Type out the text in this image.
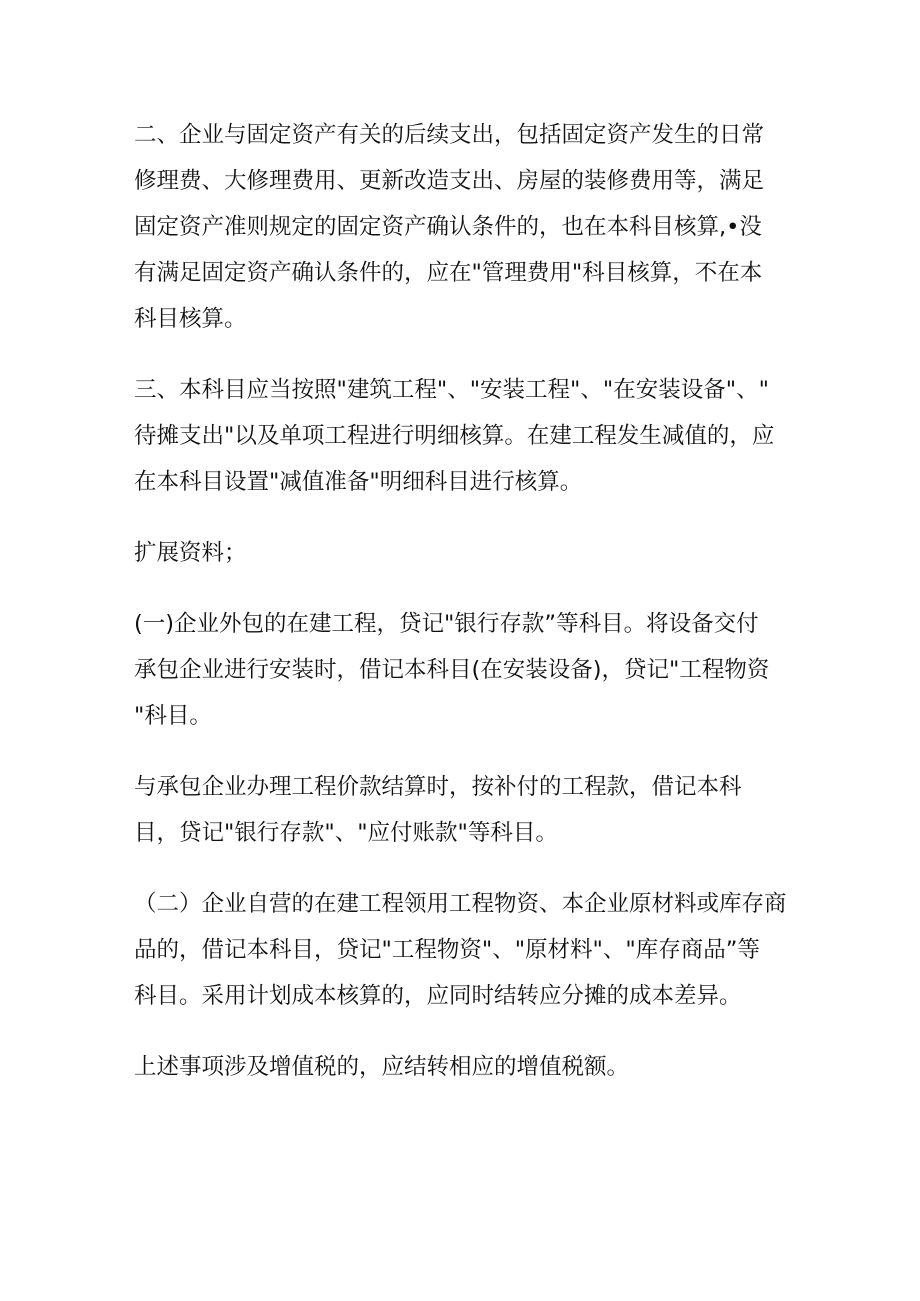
二、企业与固定资产有关的后续支出，包括固定资产发生的日常
修理费、大修理费用、更新改造支出、房屋的装修费用等，满足
固定资产准则规定的固定资产确认条件的，也在本科目核算,•没
有满足固定资产确认条件的，应在"管理费用"科目核算，不在本
科目核算。

三、本科目应当按照"建筑工程"、"安装工程"、"在安装设备"、"
待摊支出"以及单项工程进行明细核算。在建工程发生减值的，应
在本科目设置"减值准备"明细科目进行核算。

扩展资料；

(一)企业外包的在建工程，贷记"银行存款”等科目。将设备交付
承包企业进行安装时，借记本科目(在安装设备)，贷记"工程物资
"科目。

与承包企业办理工程价款结算时，按补付的工程款，借记本科
目，贷记"银行存款"、"应付账款"等科目。

（二）企业自营的在建工程领用工程物资、本企业原材料或库存商
品的，借记本科目，贷记"工程物资"、"原材料"、"库存商品”等
科目。采用计划成本核算的，应同时结转应分摊的成本差异。

上述事项涉及增值税的，应结转相应的增值税额。
